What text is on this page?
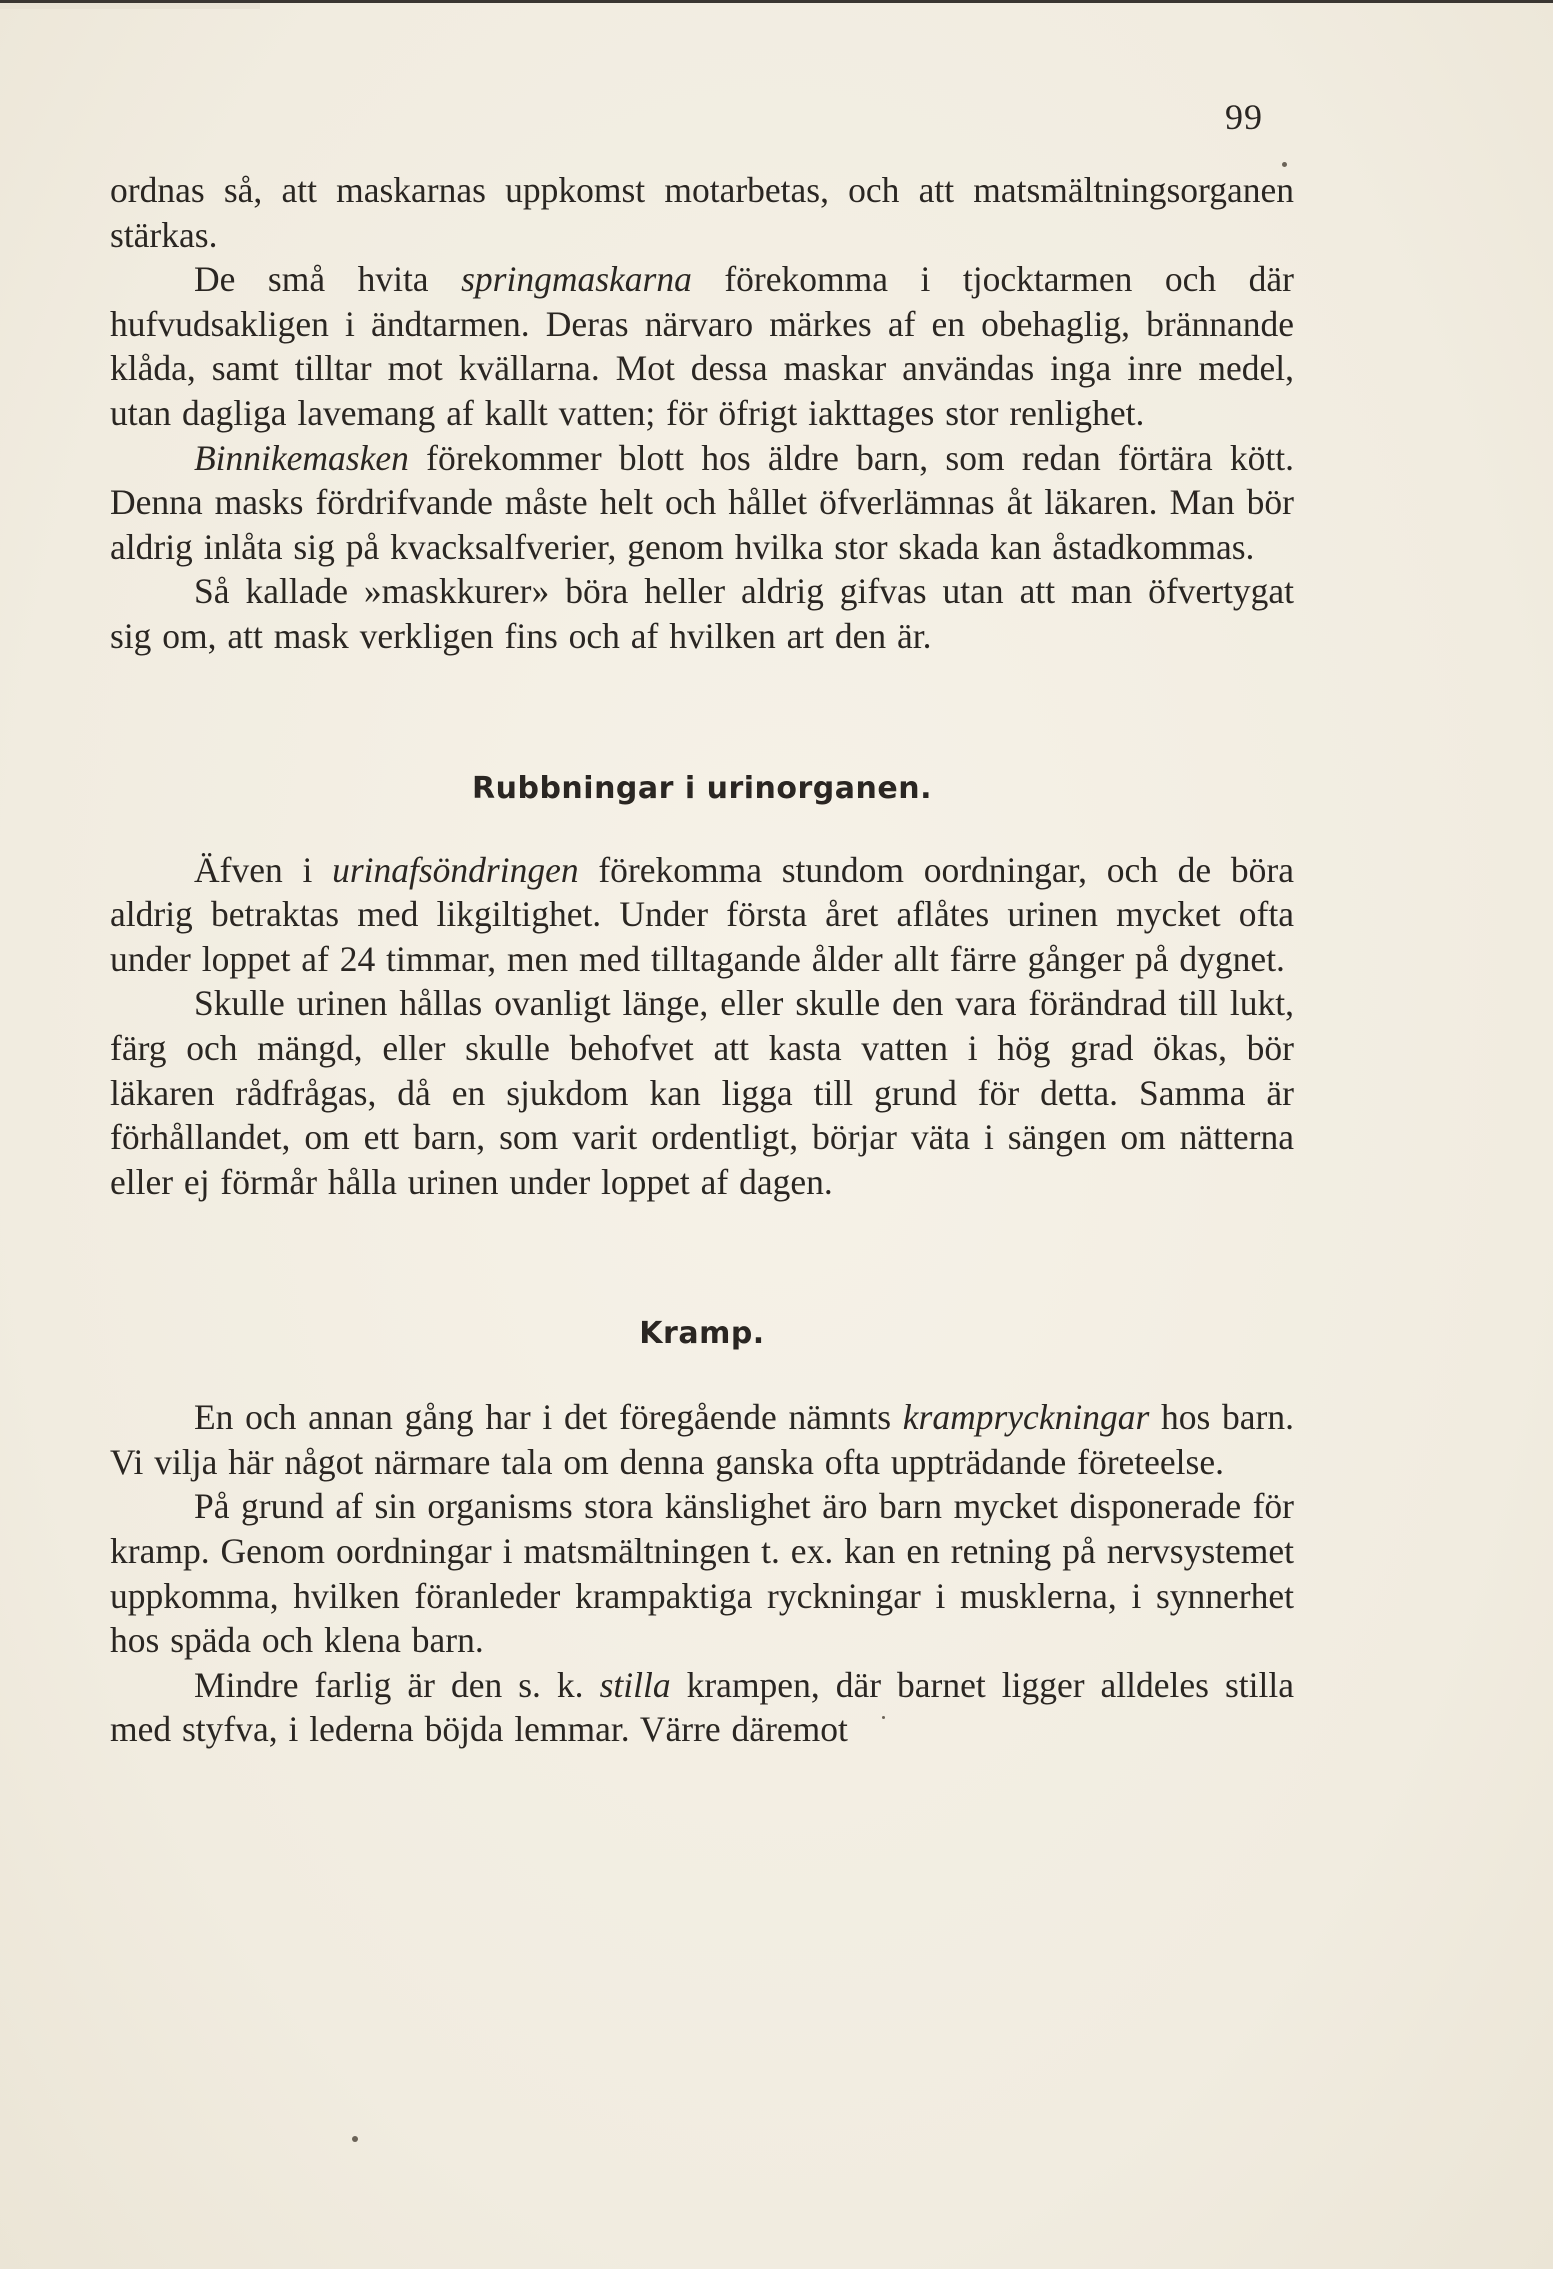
99

ordnas så, att maskarnas uppkomst motarbetas, och att matsmältningsorganen stärkas.

De små hvita springmaskarna förekomma i tjocktarmen och där hufvudsakligen i ändtarmen. Deras närvaro märkes af en obehaglig, brännande klåda, samt tilltar mot kvällarna. Mot dessa maskar användas inga inre medel, utan dagliga lavemang af kallt vatten; för öfrigt iakttages stor renlighet.

Binnikemasken förekommer blott hos äldre barn, som redan förtära kött. Denna masks fördrifvande måste helt och hållet öfverlämnas åt läkaren. Man bör aldrig inlåta sig på kvacksalfverier, genom hvilka stor skada kan åstadkommas.

Så kallade »maskkurer» böra heller aldrig gifvas utan att man öfvertygat sig om, att mask verkligen fins och af hvilken art den är.

Rubbningar i urinorganen.

Äfven i urinafsöndringen förekomma stundom oordningar, och de böra aldrig betraktas med likgiltighet. Under första året aflåtes urinen mycket ofta under loppet af 24 timmar, men med tilltagande ålder allt färre gånger på dygnet.

Skulle urinen hållas ovanligt länge, eller skulle den vara förändrad till lukt, färg och mängd, eller skulle behofvet att kasta vatten i hög grad ökas, bör läkaren rådfrågas, då en sjukdom kan ligga till grund för detta. Samma är förhållandet, om ett barn, som varit ordentligt, börjar väta i sängen om nätterna eller ej förmår hålla urinen under loppet af dagen.

Kramp.

En och annan gång har i det föregående nämnts krampryckningar hos barn. Vi vilja här något närmare tala om denna ganska ofta uppträdande företeelse.

På grund af sin organisms stora känslighet äro barn mycket disponerade för kramp. Genom oordningar i matsmältningen t. ex. kan en retning på nervsystemet uppkomma, hvilken föranleder krampaktiga ryckningar i musklerna, i synnerhet hos späda och klena barn.

Mindre farlig är den s. k. stilla krampen, där barnet ligger alldeles stilla med styfva, i lederna böjda lemmar. Värre däremot
